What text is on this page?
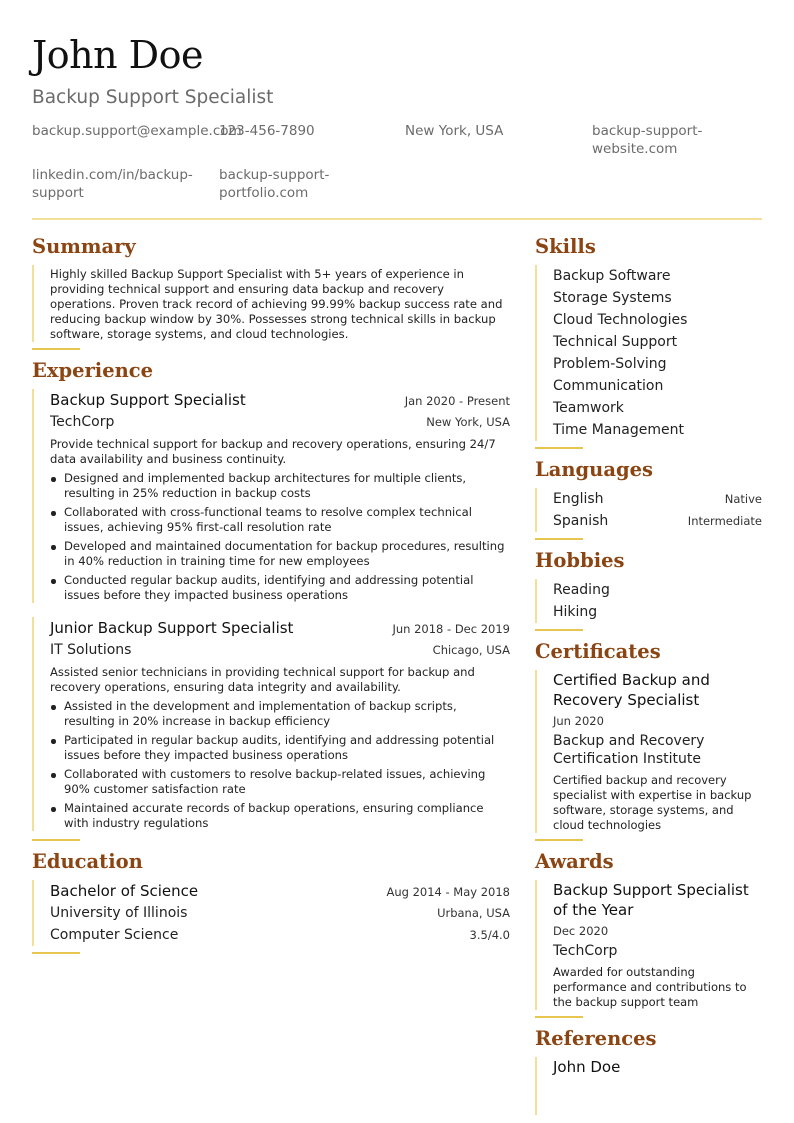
John Doe
Backup Support Specialist
backup.support@example.com
123-456-7890	New York, USA	backup-support-website.com
linkedin.com/in/backup-support
backup-support-portfolio.com
Summary
Highly skilled Backup Support Specialist with 5+ years of experience in providing technical support and ensuring data backup and recovery operations. Proven track record of achieving 99.99% backup success rate and reducing backup window by 30%. Possesses strong technical skills in backup software, storage systems, and cloud technologies.
Experience
Backup Support Specialist	Jan 2020 - Present
TechCorp	New York, USA
Provide technical support for backup and recovery operations, ensuring 24/7 data availability and business continuity.
Designed and implemented backup architectures for multiple clients, resulting in 25% reduction in backup costs
Collaborated with cross-functional teams to resolve complex technical issues, achieving 95% first-call resolution rate
Developed and maintained documentation for backup procedures, resulting in 40% reduction in training time for new employees
Conducted regular backup audits, identifying and addressing potential issues before they impacted business operations
Junior Backup Support Specialist	Jun 2018 - Dec 2019
IT Solutions	Chicago, USA
Assisted senior technicians in providing technical support for backup and recovery operations, ensuring data integrity and availability.
Assisted in the development and implementation of backup scripts, resulting in 20% increase in backup efficiency
Participated in regular backup audits, identifying and addressing potential issues before they impacted business operations
Collaborated with customers to resolve backup-related issues, achieving 90% customer satisfaction rate
Maintained accurate records of backup operations, ensuring compliance with industry regulations
Education
Bachelor of Science	Aug 2014 - May 2018
University of Illinois	Urbana, USA
Computer Science	3.5/4.0
Skills
Backup Software
Storage Systems
Cloud Technologies
Technical Support
Problem-Solving
Communication
Teamwork
Time Management
Languages
English	Native
Spanish	Intermediate
Hobbies
Reading
Hiking
Certificates
Certified Backup and Recovery Specialist
Jun 2020
Backup and Recovery Certification Institute
Certified backup and recovery specialist with expertise in backup software, storage systems, and cloud technologies
Awards
Backup Support Specialist of the Year
Dec 2020
TechCorp
Awarded for outstanding performance and contributions to the backup support team
References
John Doe
